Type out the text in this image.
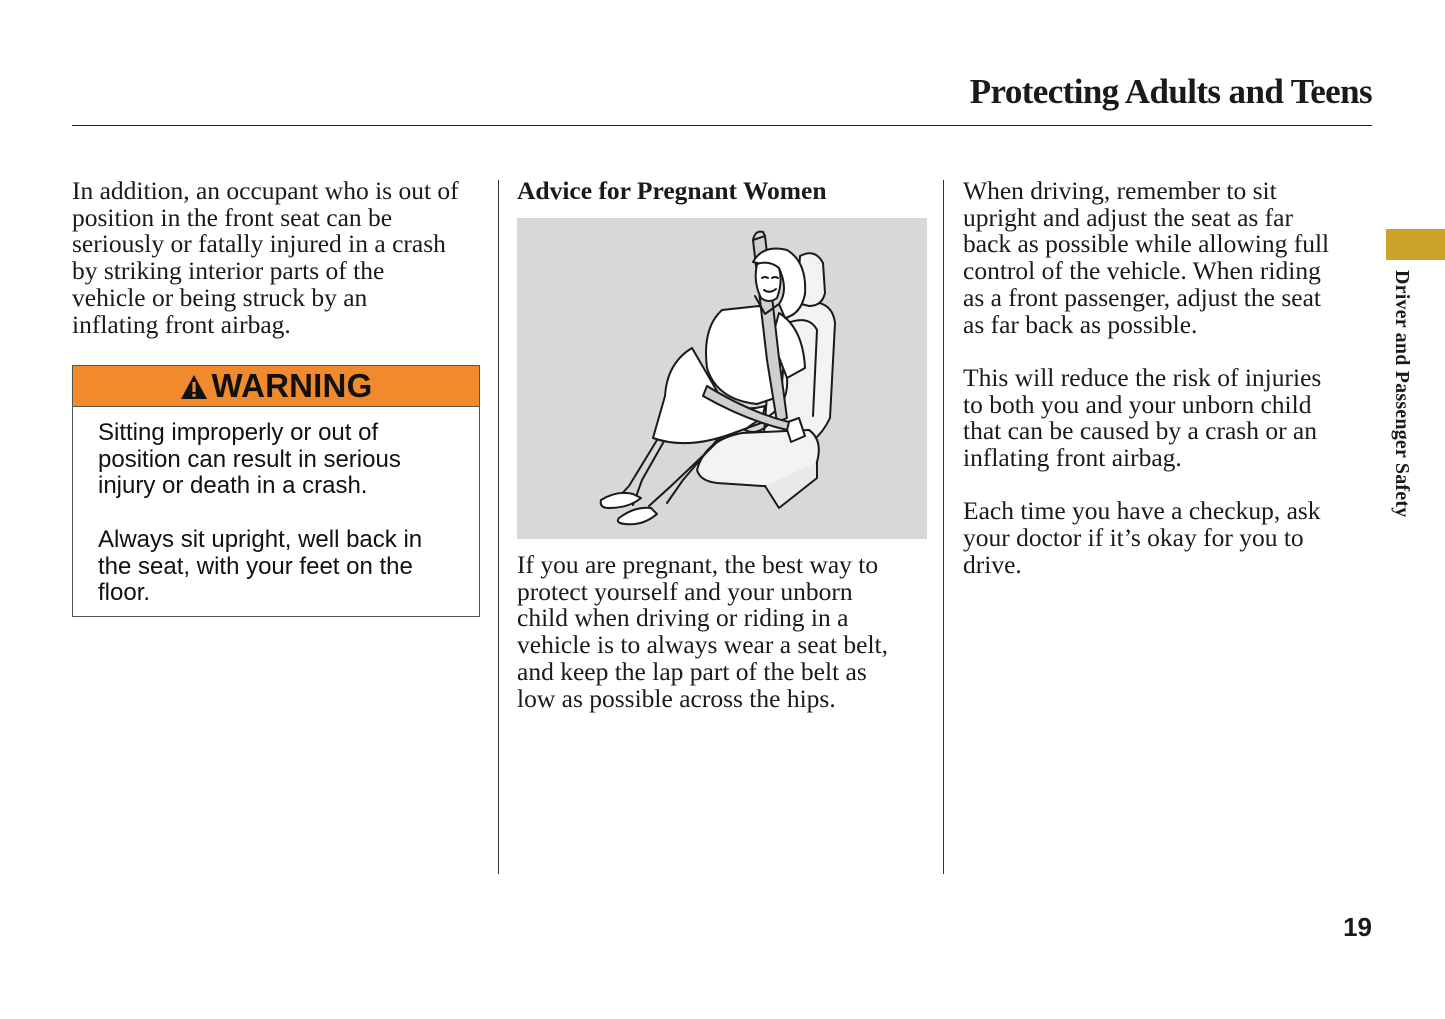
Protecting Adults and Teens

In addition, an occupant who is out of
position in the front seat can be
seriously or fatally injured in a crash
by striking interior parts of the
vehicle or being struck by an
inflating front airbag.

WARNING

Sitting improperly or out of
position can result in serious
injury or death in a crash.

Always sit upright, well back in
the seat, with your feet on the
floor.

Advice for Pregnant Women

If you are pregnant, the best way to
protect yourself and your unborn
child when driving or riding in a
vehicle is to always wear a seat belt,
and keep the lap part of the belt as
low as possible across the hips.

When driving, remember to sit
upright and adjust the seat as far
back as possible while allowing full
control of the vehicle. When riding
as a front passenger, adjust the seat
as far back as possible.

This will reduce the risk of injuries
to both you and your unborn child
that can be caused by a crash or an
inflating front airbag.

Each time you have a checkup, ask
your doctor if it’s okay for you to
drive.

Driver and Passenger Safety

19
